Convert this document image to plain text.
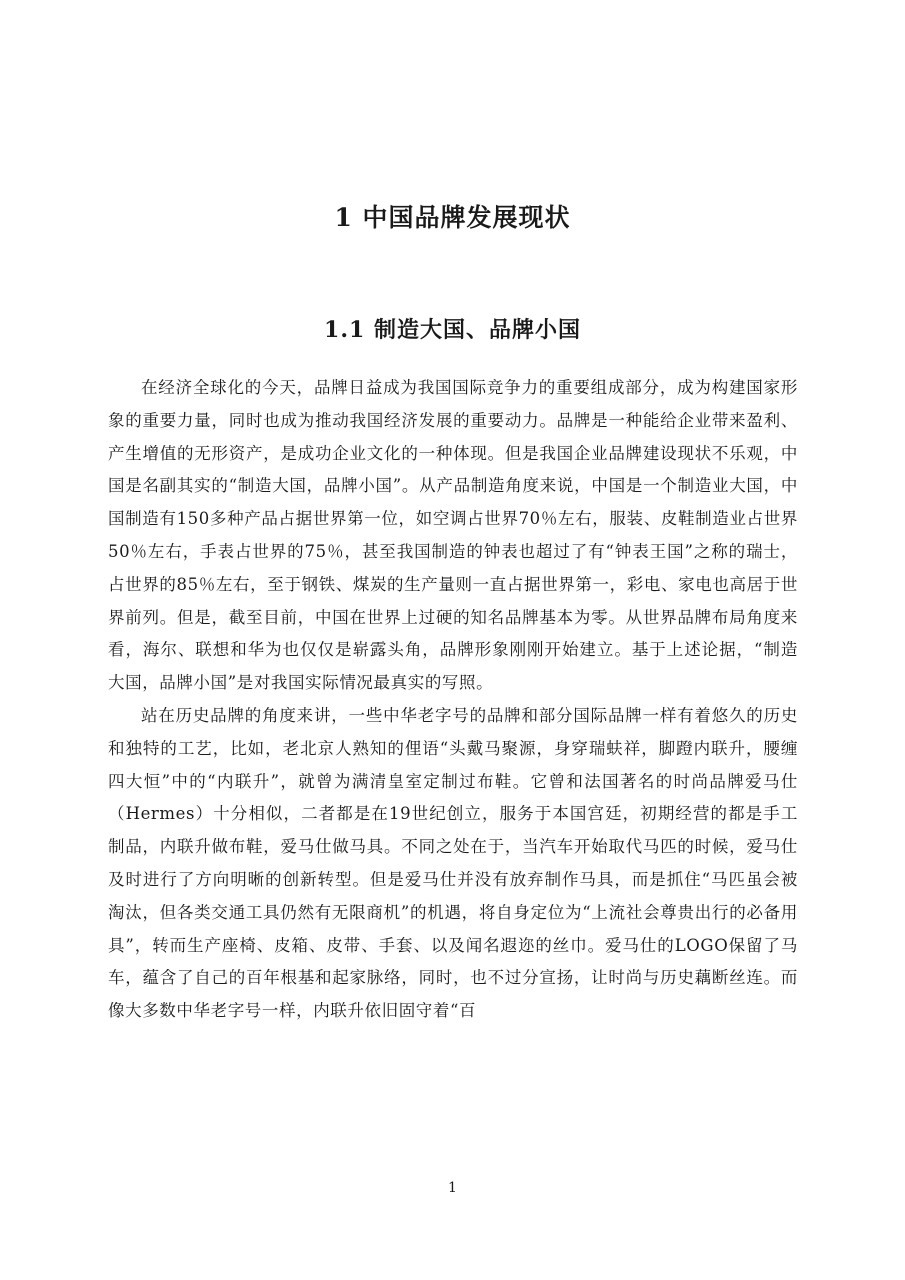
1 中国品牌发展现状
1.1 制造大国、品牌小国

在经济全球化的今天，品牌日益成为我国国际竞争力的重要组成部分，成为构建国家形象的重要力量，同时也成为推动我国经济发展的重要动力。品牌是一种能给企业带来盈利、产生增值的无形资产，是成功企业文化的一种体现。但是我国企业品牌建设现状不乐观，中国是名副其实的“制造大国，品牌小国”。从产品制造角度来说，中国是一个制造业大国，中国制造有150多种产品占据世界第一位，如空调占世界70％左右，服装、皮鞋制造业占世界50％左右，手表占世界的75％，甚至我国制造的钟表也超过了有“钟表王国”之称的瑞士，占世界的85％左右，至于钢铁、煤炭的生产量则一直占据世界第一，彩电、家电也高居于世界前列。但是，截至目前，中国在世界上过硬的知名品牌基本为零。从世界品牌布局角度来看，海尔、联想和华为也仅仅是崭露头角，品牌形象刚刚开始建立。基于上述论据，“制造大国，品牌小国”是对我国实际情况最真实的写照。

站在历史品牌的角度来讲，一些中华老字号的品牌和部分国际品牌一样有着悠久的历史和独特的工艺，比如，老北京人熟知的俚语“头戴马聚源，身穿瑞蚨祥，脚蹬内联升，腰缠四大恒”中的“内联升”，就曾为满清皇室定制过布鞋。它曾和法国著名的时尚品牌爱马仕（Hermes）十分相似，二者都是在19世纪创立，服务于本国宫廷，初期经营的都是手工制品，内联升做布鞋，爱马仕做马具。不同之处在于，当汽车开始取代马匹的时候，爱马仕及时进行了方向明晰的创新转型。但是爱马仕并没有放弃制作马具，而是抓住“马匹虽会被淘汰，但各类交通工具仍然有无限商机”的机遇，将自身定位为“上流社会尊贵出行的必备用具”，转而生产座椅、皮箱、皮带、手套、以及闻名遐迩的丝巾。爱马仕的LOGO保留了马车，蕴含了自己的百年根基和起家脉络，同时，也不过分宣扬，让时尚与历史藕断丝连。而像大多数中华老字号一样，内联升依旧固守着“百

1
